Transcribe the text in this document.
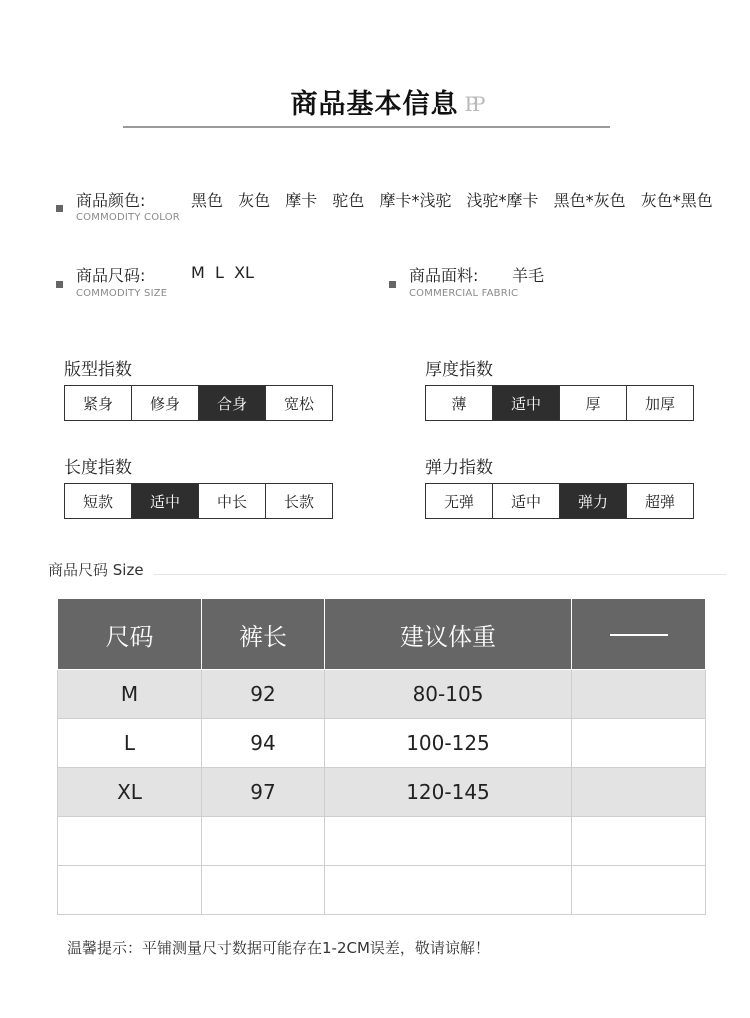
商品基本信息 PP
商品颜色:
COMMODITY COLOR
黑色 灰色 摩卡 驼色 摩卡*浅驼 浅驼*摩卡 黑色*灰色 灰色*黑色
商品尺码:
COMMODITY SIZE
M  L  XL	商品面料:
COMMERCIAL FABRIC
羊毛
版型指数
紧身	修身	合身	宽松
厚度指数
薄	适中	厚	加厚
长度指数
短款	适中	中长	长款
弹力指数
无弹	适中	弹力	超弹
商品尺码 Size
尺码	裤长	建议体重	
M	92	80-105	
L	94	100-125	
XL	97	120-145	

温馨提示：平铺测量尺寸数据可能存在1-2CM误差，敬请谅解！
